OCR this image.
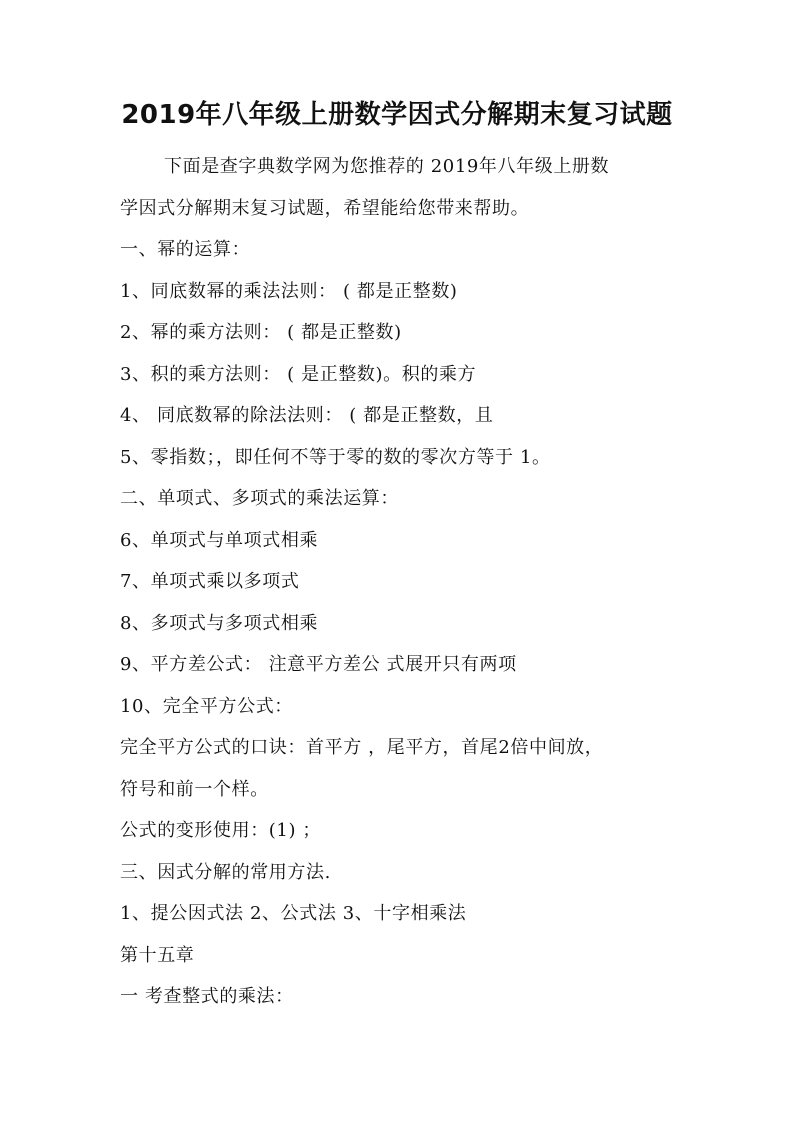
2019年八年级上册数学因式分解期末复习试题
下面是查字典数学网为您推荐的 2019年八年级上册数
学因式分解期末复习试题，希望能给您带来帮助。
一、幂的运算：
1、同底数幂的乘法法则： ( 都是正整数)
2、幂的乘方法则： ( 都是正整数)
3、积的乘方法则： ( 是正整数)。积的乘方
4、 同底数幂的除法法则： ( 都是正整数，且
5、零指数；，即任何不等于零的数的零次方等于 1。
二、单项式、多项式的乘法运算：
6、单项式与单项式相乘
7、单项式乘以多项式
8、多项式与多项式相乘
9、平方差公式： 注意平方差公 式展开只有两项
10、完全平方公式：
完全平方公式的口诀：首平方 ，尾平方，首尾2倍中间放，
符号和前一个样。
公式的变形使用：(1) ；
三、因式分解的常用方法.
1、提公因式法 2、公式法 3、十字相乘法
第十五章
一 考查整式的乘法：
